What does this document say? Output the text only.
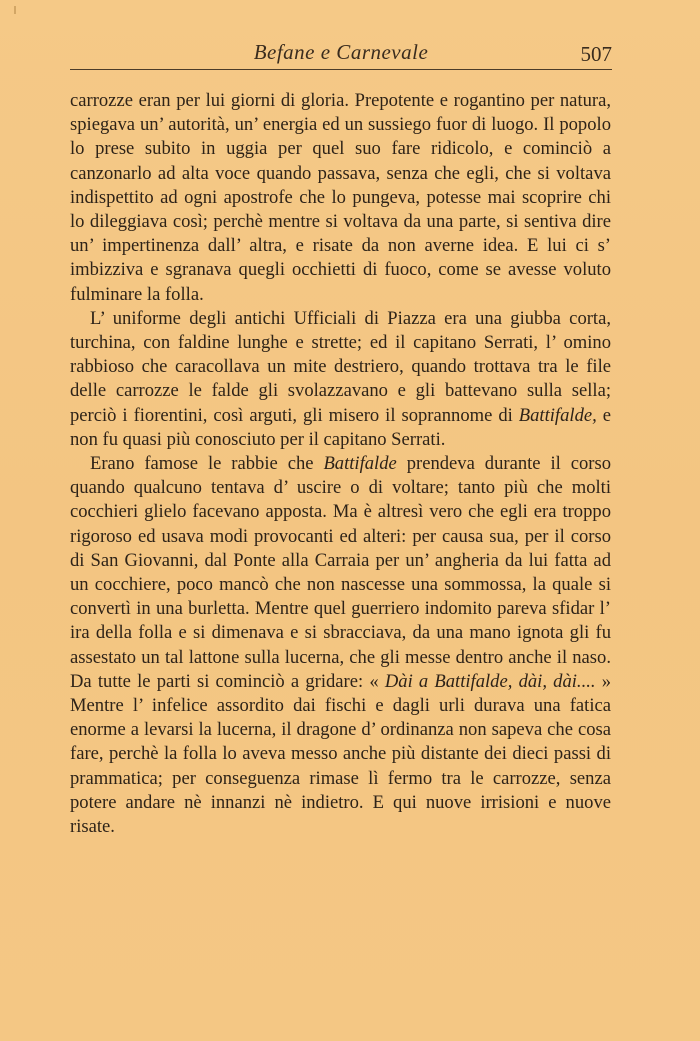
Befane e Carnevale	507

carrozze eran per lui giorni di gloria. Prepotente e rogantino per natura, spiegava un’ autorità, un’ energia ed un sussiego fuor di luogo. Il popolo lo prese subito in uggia per quel suo fare ridicolo, e cominciò a canzonarlo ad alta voce quando passava, senza che egli, che si voltava indispettito ad ogni apostrofe che lo pungeva, potesse mai scoprire chi lo dileggiava così; perchè mentre si voltava da una parte, si sentiva dire un’ impertinenza dall’ altra, e risate da non averne idea. E lui ci s’ imbizziva e sgranava quegli occhietti di fuoco, come se avesse voluto fulminare la folla.

L’ uniforme degli antichi Ufficiali di Piazza era una giubba corta, turchina, con faldine lunghe e strette; ed il capitano Serrati, l’ omino rabbioso che caracollava un mite destriero, quando trottava tra le file delle carrozze le falde gli svolazzavano e gli battevano sulla sella; perciò i fiorentini, così arguti, gli misero il soprannome di Battifalde, e non fu quasi più conosciuto per il capitano Serrati.

Erano famose le rabbie che Battifalde prendeva durante il corso quando qualcuno tentava d’ uscire o di voltare; tanto più che molti cocchieri glielo facevano apposta. Ma è altresì vero che egli era troppo rigoroso ed usava modi provocanti ed alteri: per causa sua, per il corso di San Giovanni, dal Ponte alla Carraia per un’ angheria da lui fatta ad un cocchiere, poco mancò che non nascesse una sommossa, la quale si convertì in una burletta. Mentre quel guerriero indomito pareva sfidar l’ ira della folla e si dimenava e si sbracciava, da una mano ignota gli fu assestato un tal lattone sulla lucerna, che gli messe dentro anche il naso. Da tutte le parti si cominciò a gridare: « Dài a Battifalde, dài, dài.... » Mentre l’ infelice assordito dai fischi e dagli urli durava una fatica enorme a levarsi la lucerna, il dragone d’ ordinanza non sapeva che cosa fare, perchè la folla lo aveva messo anche più distante dei dieci passi di prammatica; per conseguenza rimase lì fermo tra le carrozze, senza potere andare nè innanzi nè indietro. E qui nuove irrisioni e nuove risate.
